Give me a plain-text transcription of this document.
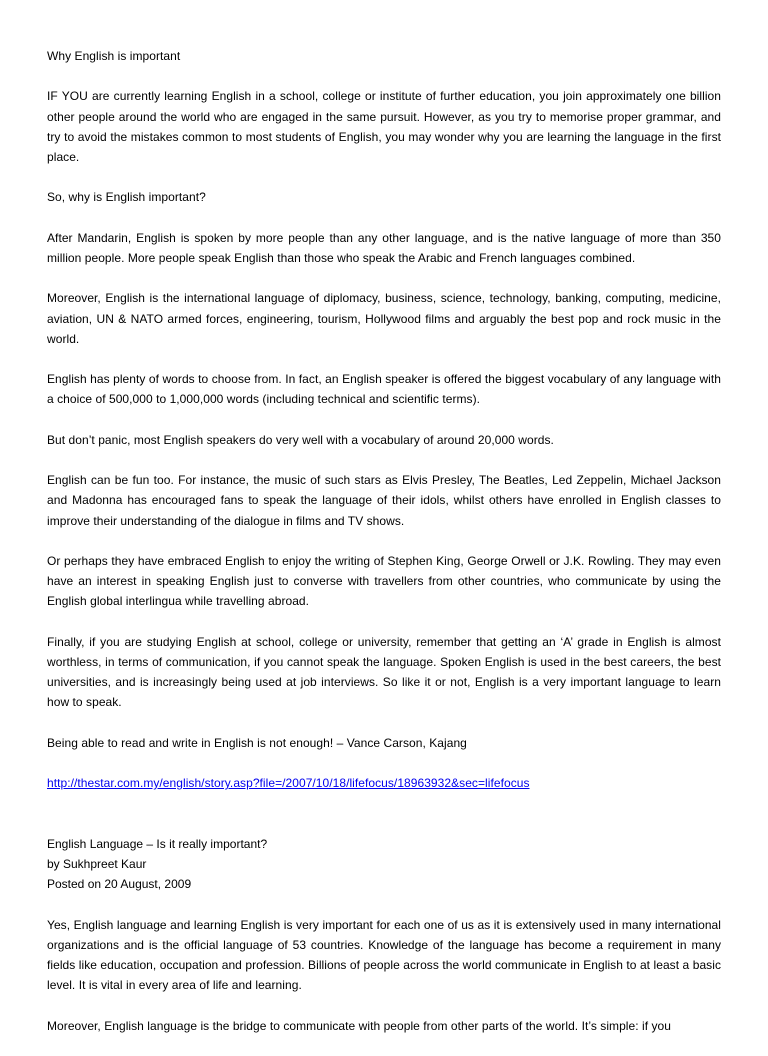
Why English is important

IF YOU are currently learning English in a school, college or institute of further education, you join approximately one billion other people around the world who are engaged in the same pursuit. However, as you try to memorise proper grammar, and try to avoid the mistakes common to most students of English, you may wonder why you are learning the language in the first place.

So, why is English important?

After Mandarin, English is spoken by more people than any other language, and is the native language of more than 350 million people. More people speak English than those who speak the Arabic and French languages combined.

Moreover, English is the international language of diplomacy, business, science, technology, banking, computing, medicine, aviation, UN & NATO armed forces, engineering, tourism, Hollywood films and arguably the best pop and rock music in the world.

English has plenty of words to choose from. In fact, an English speaker is offered the biggest vocabulary of any language with a choice of 500,000 to 1,000,000 words (including technical and scientific terms).

But don’t panic, most English speakers do very well with a vocabulary of around 20,000 words.

English can be fun too. For instance, the music of such stars as Elvis Presley, The Beatles, Led Zeppelin, Michael Jackson and Madonna has encouraged fans to speak the language of their idols, whilst others have enrolled in English classes to improve their understanding of the dialogue in films and TV shows.

Or perhaps they have embraced English to enjoy the writing of Stephen King, George Orwell or J.K. Rowling. They may even have an interest in speaking English just to converse with travellers from other countries, who communicate by using the English global interlingua while travelling abroad.

Finally, if you are studying English at school, college or university, remember that getting an ‘A’ grade in English is almost worthless, in terms of communication, if you cannot speak the language. Spoken English is used in the best careers, the best universities, and is increasingly being used at job interviews. So like it or not, English is a very important language to learn how to speak.

Being able to read and write in English is not enough! – Vance Carson, Kajang

http://thestar.com.my/english/story.asp?file=/2007/10/18/lifefocus/18963932&sec=lifefocus

English Language – Is it really important?
by Sukhpreet Kaur
Posted on 20 August, 2009

Yes, English language and learning English is very important for each one of us as it is extensively used in many international organizations and is the official language of 53 countries. Knowledge of the language has become a requirement in many fields like education, occupation and profession. Billions of people across the world communicate in English to at least a basic level. It is vital in every area of life and learning.

Moreover, English language is the bridge to communicate with people from other parts of the world. It’s simple: if you
